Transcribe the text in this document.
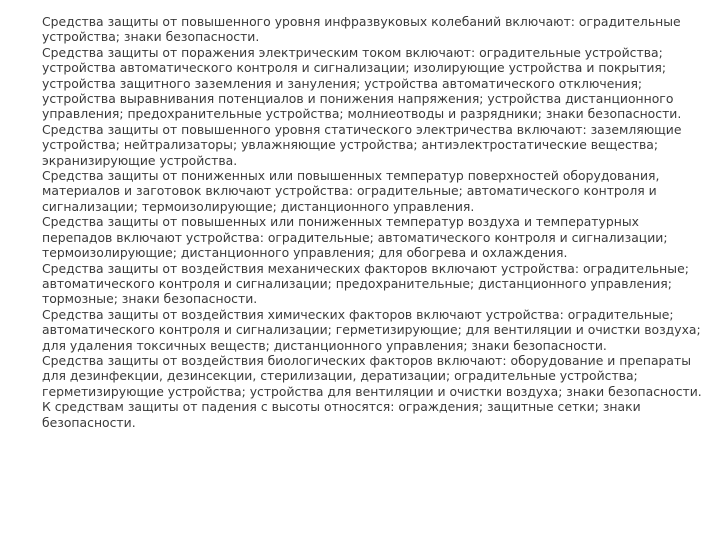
Средства защиты от повышенного уровня инфразвуковых колебаний включают: оградительные
устройства; знаки безопасности.
Средства защиты от поражения электрическим током включают: оградительные устройства;
устройства автоматического контроля и сигнализации; изолирующие устройства и покрытия;
устройства защитного заземления и зануления; устройства автоматического отключения;
устройства выравнивания потенциалов и понижения напряжения; устройства дистанционного
управления; предохранительные устройства; молниеотводы и разрядники; знаки безопасности.
Средства защиты от повышенного уровня статического электричества включают: заземляющие
устройства; нейтрализаторы; увлажняющие устройства; антиэлектростатические вещества;
экранизирующие устройства.
Средства защиты от пониженных или повышенных температур поверхностей оборудования,
материалов и заготовок включают устройства: оградительные; автоматического контроля и
сигнализации; термоизолирующие; дистанционного управления.
Средства защиты от повышенных или пониженных температур воздуха и температурных
перепадов включают устройства: оградительные; автоматического контроля и сигнализации;
термоизолирующие; дистанционного управления; для обогрева и охлаждения.
Средства защиты от воздействия механических факторов включают устройства: оградительные;
автоматического контроля и сигнализации; предохранительные; дистанционного управления;
тормозные; знаки безопасности.
Средства защиты от воздействия химических факторов включают устройства: оградительные;
автоматического контроля и сигнализации; герметизирующие; для вентиляции и очистки воздуха;
для удаления токсичных веществ; дистанционного управления; знаки безопасности.
Средства защиты от воздействия биологических факторов включают: оборудование и препараты
для дезинфекции, дезинсекции, стерилизации, дератизации; оградительные устройства;
герметизирующие устройства; устройства для вентиляции и очистки воздуха; знаки безопасности.
К средствам защиты от падения с высоты относятся: ограждения; защитные сетки; знаки
безопасности.
